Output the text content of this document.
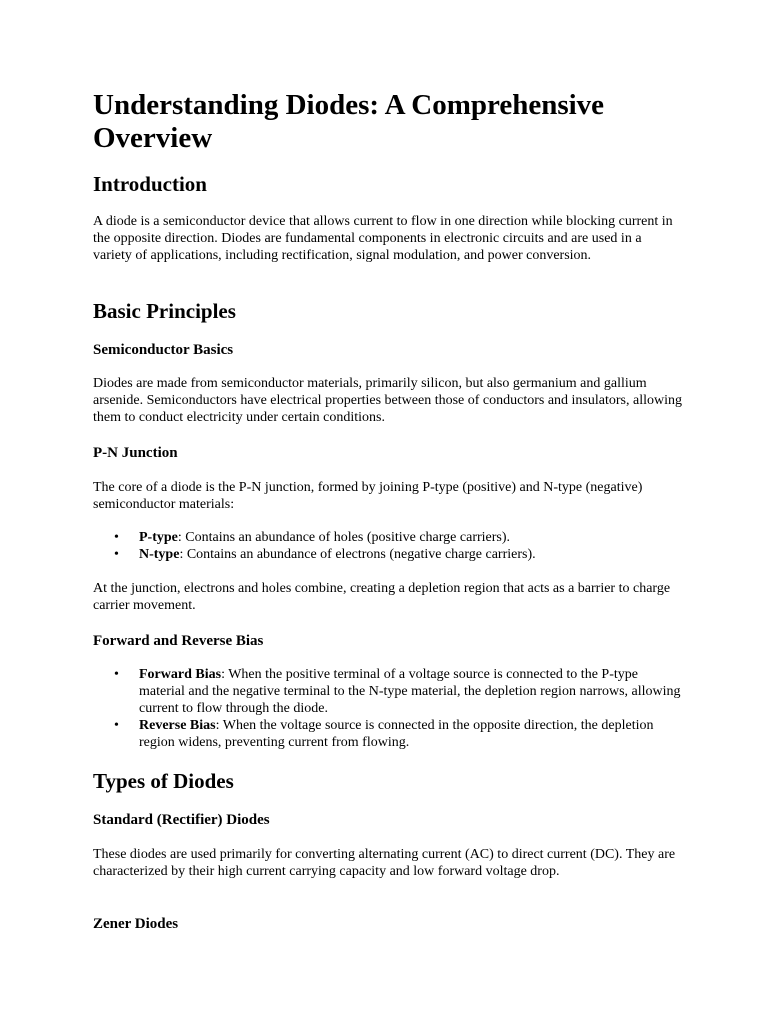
Understanding Diodes: A Comprehensive Overview
Introduction

A diode is a semiconductor device that allows current to flow in one direction while blocking current in the opposite direction. Diodes are fundamental components in electronic circuits and are used in a variety of applications, including rectification, signal modulation, and power conversion.

Basic Principles
Semiconductor Basics

Diodes are made from semiconductor materials, primarily silicon, but also germanium and gallium arsenide. Semiconductors have electrical properties between those of conductors and insulators, allowing them to conduct electricity under certain conditions.

P-N Junction

The core of a diode is the P-N junction, formed by joining P-type (positive) and N-type (negative) semiconductor materials:

• P-type: Contains an abundance of holes (positive charge carriers).
• N-type: Contains an abundance of electrons (negative charge carriers).

At the junction, electrons and holes combine, creating a depletion region that acts as a barrier to charge carrier movement.

Forward and Reverse Bias
• Forward Bias: When the positive terminal of a voltage source is connected to the P-type material and the negative terminal to the N-type material, the depletion region narrows, allowing current to flow through the diode.
• Reverse Bias: When the voltage source is connected in the opposite direction, the depletion region widens, preventing current from flowing.
Types of Diodes
Standard (Rectifier) Diodes

These diodes are used primarily for converting alternating current (AC) to direct current (DC). They are characterized by their high current carrying capacity and low forward voltage drop.

Zener Diodes
